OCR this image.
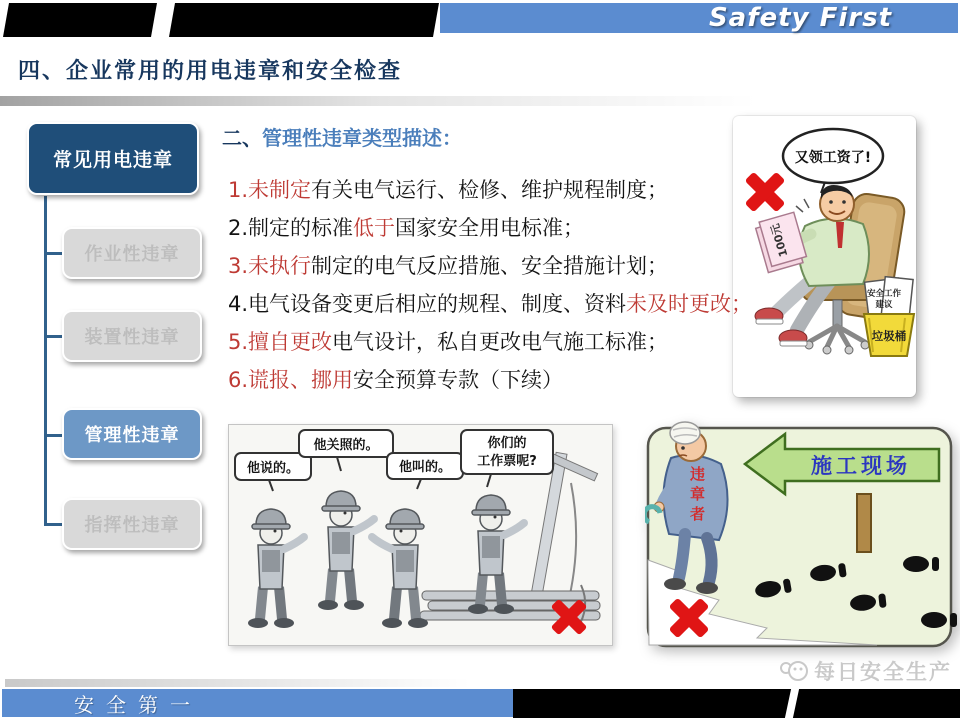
Safety First
四、企业常用的用电违章和安全检查
常见用电违章
作业性违章
装置性违章
管理性违章
指挥性违章
二、管理性违章类型描述：
1.未制定 有关电气运行、检修、维护规程制度；
2.制定的标准 低于 国家安全用电标准；
3.未执行 制定的电气反应措施、安全措施计划；
4.电气设备变更后相应的规程、制度、资料 未及时更改；
5.擅自更改 电气设计，私自更改电气施工标准；
6.谎报、挪用 安全预算专款（下续）
100元
又领工资了!
安全工作
建议
垃圾桶
他说的。
他关照的。
他叫的。
你们的
工作票呢?	施工现场
违章者
每日安全生产
安全第一
